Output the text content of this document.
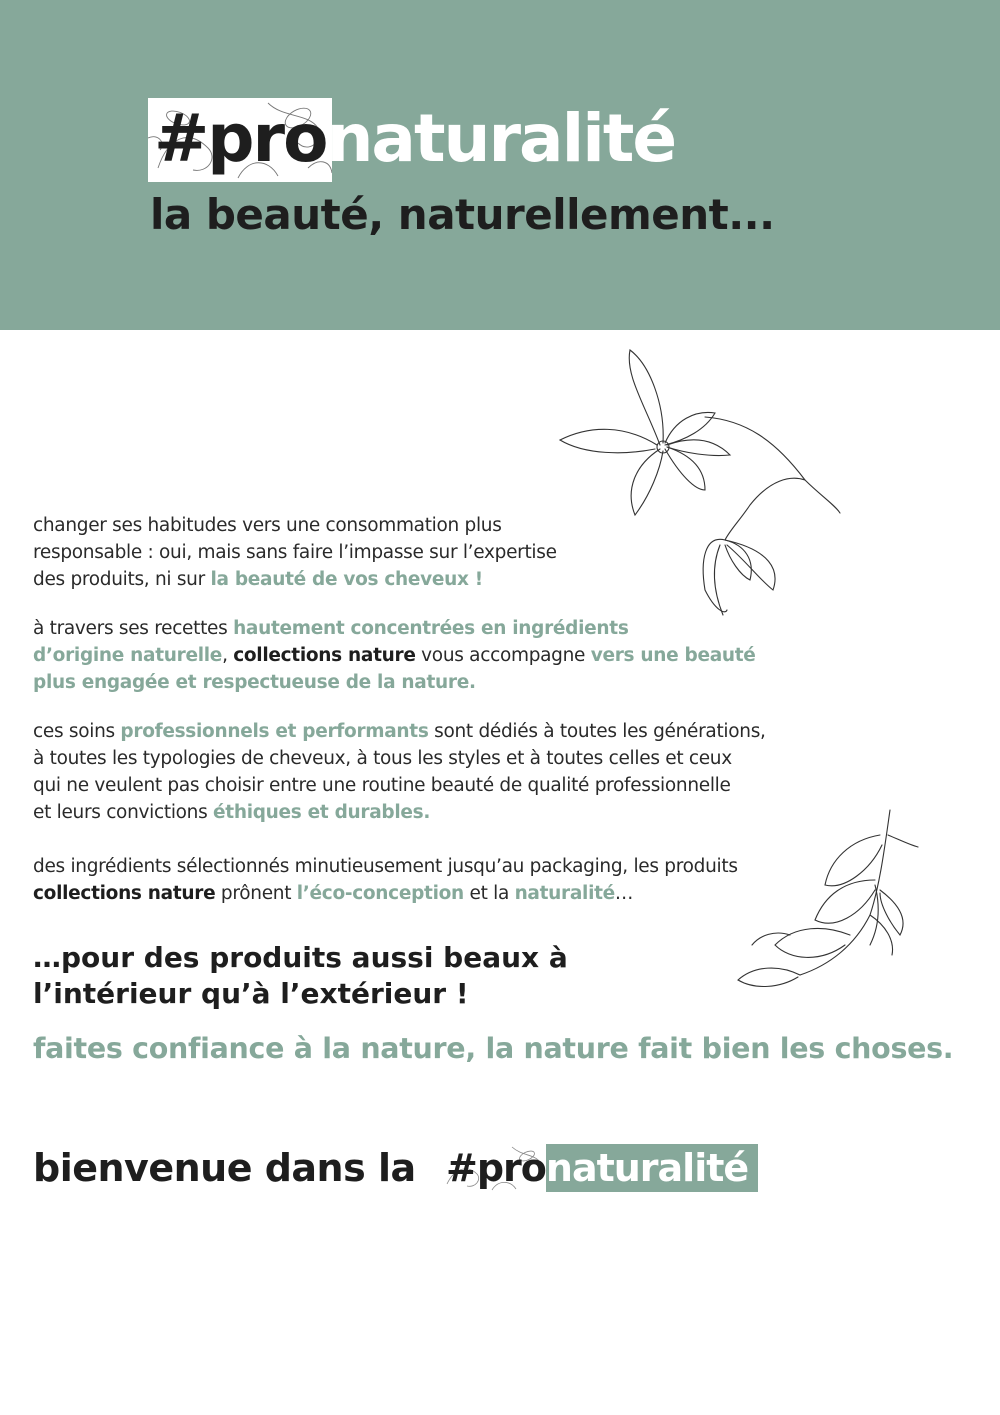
#pronaturalité
la beauté, naturellement...

changer ses habitudes vers une consommation plus
responsable : oui, mais sans faire l’impasse sur l’expertise
des produits, ni sur la beauté de vos cheveux !

à travers ses recettes hautement concentrées en ingrédients
d’origine naturelle, collections nature vous accompagne vers une beauté
plus engagée et respectueuse de la nature.

ces soins professionnels et performants sont dédiés à toutes les générations,
à toutes les typologies de cheveux, à tous les styles et à toutes celles et ceux
qui ne veulent pas choisir entre une routine beauté de qualité professionnelle
et leurs convictions éthiques et durables.

des ingrédients sélectionnés minutieusement jusqu’au packaging, les produits
collections nature prônent l’éco-conception et la naturalité…

…pour des produits aussi beaux à
l’intérieur qu’à l’extérieur !

faites confiance à la nature, la nature fait bien les choses.

bienvenue dans la #pronaturalité
